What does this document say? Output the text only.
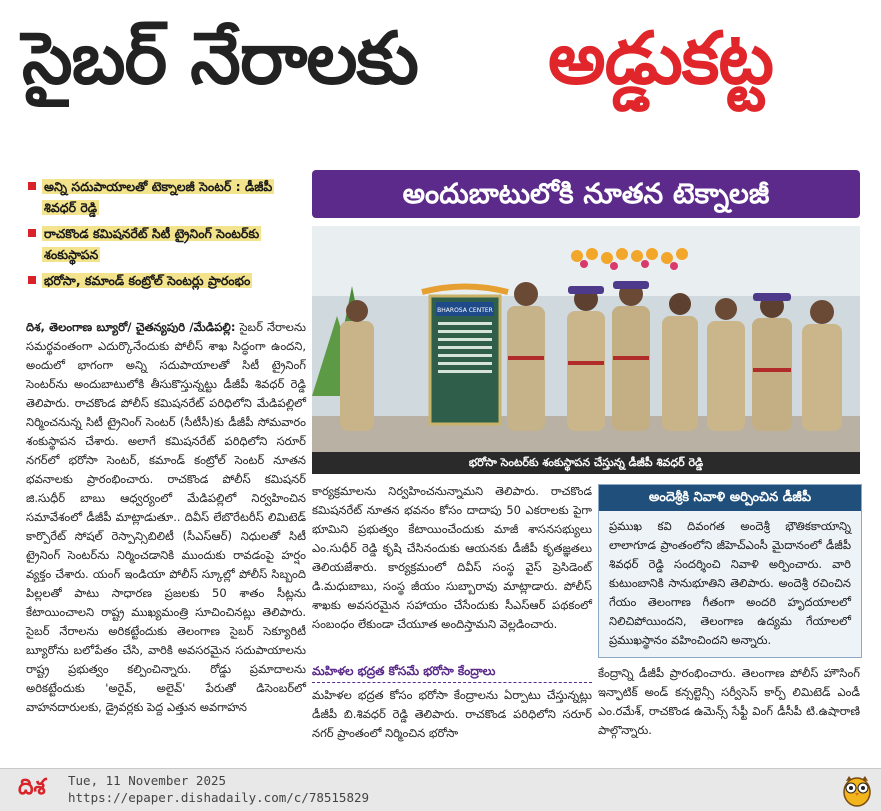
సైబర్ నేరాలకు అడ్డుకట్ట
అన్ని సదుపాయాలతో టెక్నాలజీ సెంటర్ : డీజీపీ శివధర్ రెడ్డి
రాచకొండ కమిషనరేట్ సిటీ ట్రైనింగ్ సెంటర్‌కు శంకుస్థాపన
భరోసా, కమాండ్ కంట్రోల్ సెంటర్లు ప్రారంభం
అందుబాటులోకి నూతన టెక్నాలజీ
BHAROSA CENTER
భరోసా సెంటర్‌కు శంకుస్థాపన చేస్తున్న డీజీపీ శివధర్ రెడ్డి
దిశ, తెలంగాణ బ్యూరో/ చైతన్యపురి /మేడిపల్లి: సైబర్ నేరాలను సమర్థవంతంగా ఎదుర్కొనేందుకు పోలీస్ శాఖ సిద్ధంగా ఉందని, అందులో భాగంగా అన్ని సదుపాయాలతో సిటీ ట్రైనింగ్ సెంటర్‌ను అందుబాటులోకి తీసుకొస్తున్నట్టు డీజీపీ శివధర్ రెడ్డి తెలిపారు. రాచకొండ పోలీస్ కమిషనరేట్ పరిధిలోని మేడిపల్లిలో నిర్మించనున్న సిటీ ట్రైనింగ్ సెంటర్ (సీటీసీ)కు డీజీపీ సోమవారం శంకుస్థాపన చేశారు. అలాగే కమిషనరేట్ పరిధిలోని సరూర్ నగర్‌లో భరోసా సెంటర్, కమాండ్ కంట్రోల్ సెంటర్ నూతన భవనాలకు ప్రారంభించారు. రాచకొండ పోలీస్ కమిషనర్ జి.సుధీర్ బాబు ఆధ్వర్యంలో మేడిపల్లిలో నిర్వహించిన సమావేశంలో డీజీపీ మాట్లాడుతూ.. దివీస్ లేబొరేటరీస్ లిమిటెడ్ కార్పొరేట్ సోషల్ రెస్పాన్సిబిలిటీ (సీఎస్‌ఆర్) నిధులతో సిటీ ట్రైనింగ్ సెంటర్‌ను నిర్మించడానికి ముందుకు రావడంపై హర్షం వ్యక్తం చేశారు. యంగ్ ఇండియా పోలీస్ స్కూల్లో పోలీస్ సిబ్బంది పిల్లలతో పాటు సాధారణ ప్రజలకు 50 శాతం సీట్లను కేటాయించాలని రాష్ట్ర ముఖ్యమంత్రి సూచించినట్లు తెలిపారు. సైబర్ నేరాలను అరికట్టేందుకు తెలంగాణ సైబర్ సెక్యూరిటీ బ్యూరోను బలోపేతం చేసి, వారికి అవసరమైన సదుపాయాలను రాష్ట్ర ప్రభుత్వం కల్పించిన్నారు. రోడ్డు ప్రమాదాలను అరికట్టేందుకు 'అరైవ్, అలైవ్' పేరుతో డిసెంబర్‌లో వాహనదారులకు, డ్రైవర్లకు పెద్ద ఎత్తున అవగాహన
కార్యక్రమాలను నిర్వహించనున్నామని తెలిపారు. రాచకొండ కమిషనరేట్ నూతన భవనం కోసం దాదాపు 50 ఎకరాలకు పైగా భూమిని ప్రభుత్వం కేటాయించేందుకు మాజీ శాసనసభ్యులు ఎం.సుధీర్ రెడ్డి కృషి చేసినందుకు ఆయనకు డీజీపీ కృతజ్ఞతలు తెలియజేశారు. కార్యక్రమంలో దివీస్ సంస్థ వైస్ ప్రెసిడెంట్ డి.మధుబాబు, సంస్థ జీయం సుబ్బారావు మాట్లాడారు. పోలీస్ శాఖకు అవసరమైన సహాయం చేసేందుకు సీఎస్‌ఆర్ పథకంలో సంబంధం లేకుండా చేయూత అందిస్తామని వెల్లడించారు.
మహిళల భద్రత కోసమే భరోసా కేంద్రాలు
మహిళల భద్రత కోసం భరోసా కేంద్రాలను ఏర్పాటు చేస్తున్నట్లు డీజీపీ బి.శివధర్ రెడ్డి తెలిపారు. రాచకొండ పరిధిలోని సరూర్ నగర్ ప్రాంతంలో నిర్మించిన భరోసా
అందెశ్రీకి నివాళి అర్పించిన డీజీపీ
ప్రముఖ కవి దివంగత అందెశ్రీ భౌతికకాయాన్ని లాలాగూడ ప్రాంతంలోని జీహెచ్‌ఎంసీ మైదానంలో డీజీపీ శివధర్ రెడ్డి సందర్శించి నివాళి అర్పించారు. వారి కుటుంబానికి సానుభూతిని తెలిపారు. అందెశ్రీ రచించిన గేయం తెలంగాణ గీతంగా అందరి హృదయాలలో నిలిచిపోయిందని, తెలంగాణ ఉద్యమ గేయాలలో ప్రముఖస్థానం వహించిందని అన్నారు.
కేంద్రాన్ని డీజీపీ ప్రారంభించారు. తెలంగాణ పోలీస్ హౌసింగ్ ఇన్ఫాటిక్ అండ్ కన్సల్టెన్సీ సర్వీసెస్ కార్ప్ లిమిటెడ్ ఎండీ ఎం.రమేశ్, రాచకొండ ఉమెన్స్ సేఫ్టీ వింగ్ డీసీపీ టి.ఉషారాణి పాల్గొన్నారు.
దిశ Tue, 11 November 2025
https://epaper.dishadaily.com/c/78515829
